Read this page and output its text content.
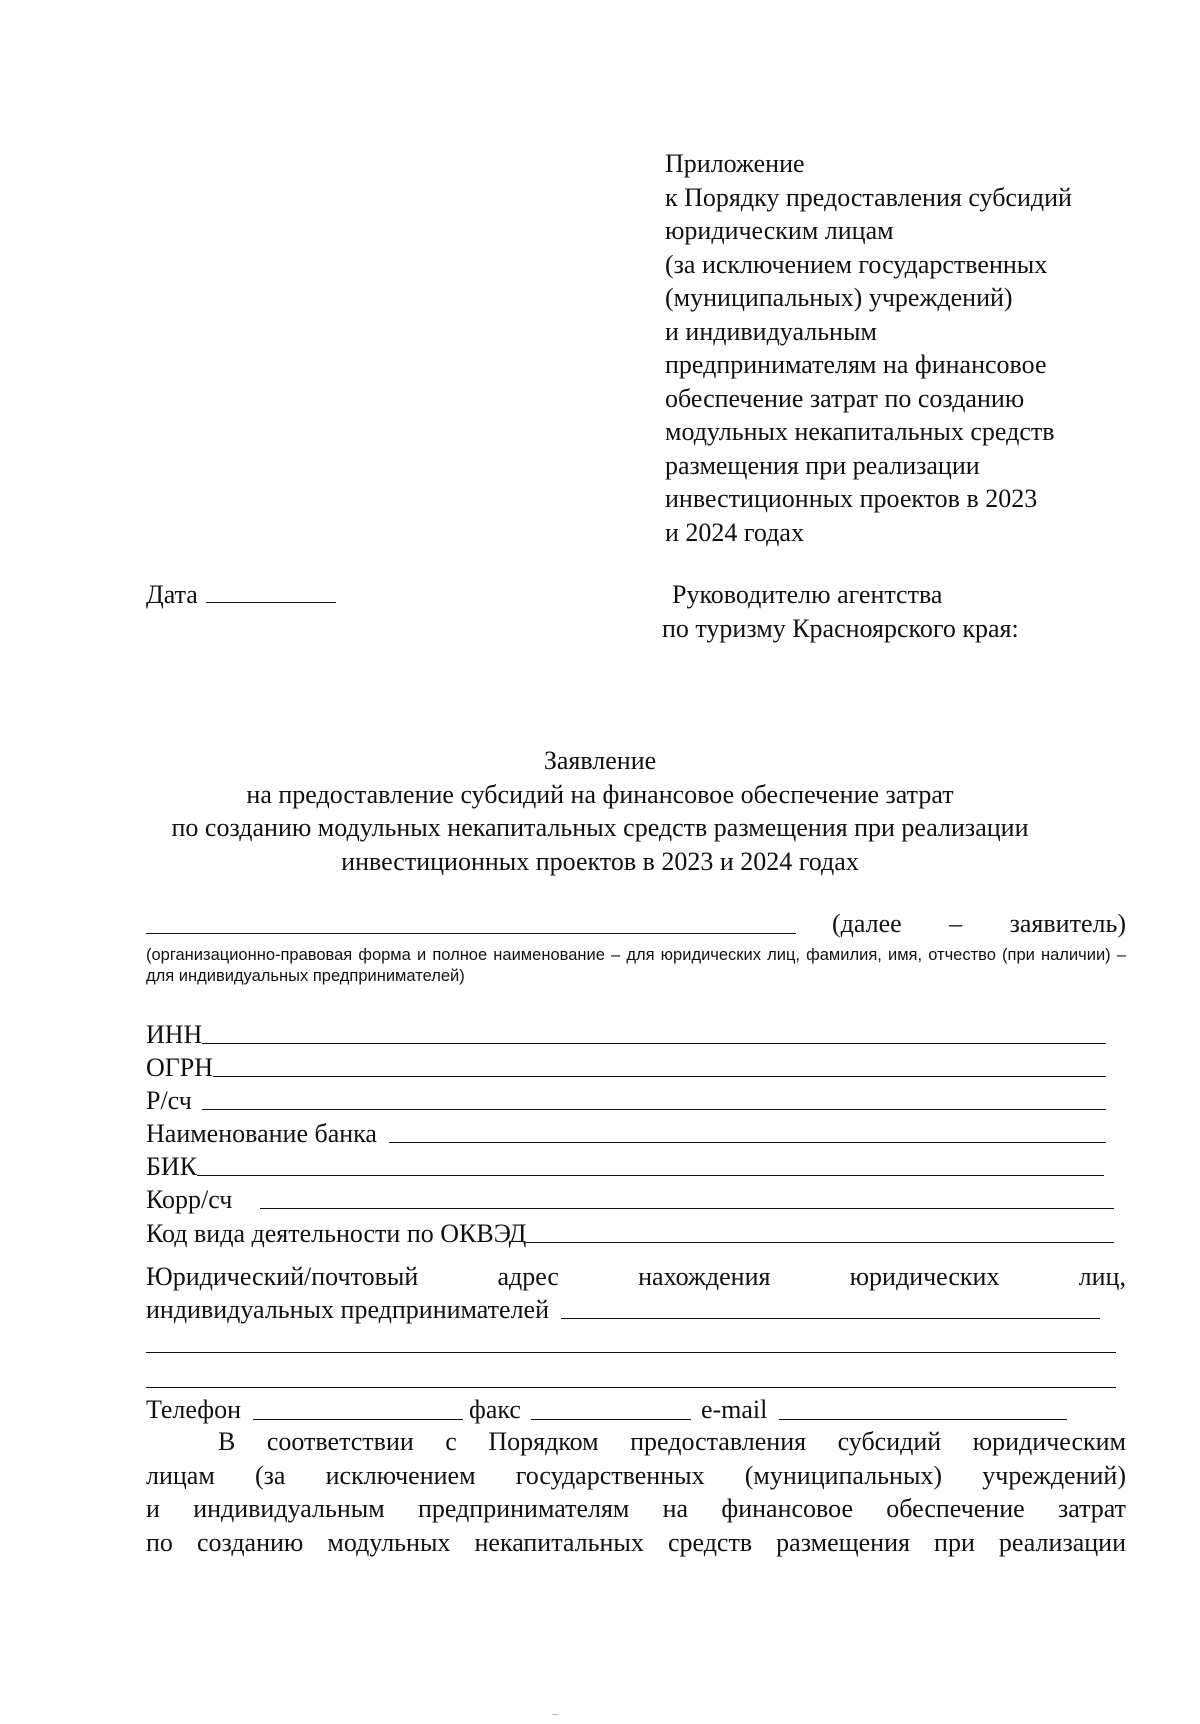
Приложение
к Порядку предоставления субсидий
юридическим лицам
(за исключением государственных
(муниципальных) учреждений)
и индивидуальным
предпринимателям на финансовое
обеспечение затрат по созданию
модульных некапитальных средств
размещения при реализации
инвестиционных проектов в 2023
и 2024 годах
Дата	Руководителю агентства
по туризму Красноярского края:
Заявление
на предоставление субсидий на финансовое обеспечение затрат
по созданию модульных некапитальных средств размещения при реализации
инвестиционных проектов в 2023 и 2024 годах
(далее – заявитель)
(организационно-правовая форма и полное наименование – для юридических лиц, фамилия, имя, отчество (при наличии) – для индивидуальных предпринимателей)
ИНН
ОГРН
Р/сч
Наименование банка
БИК
Корр/сч
Код вида деятельности по ОКВЭД
Юридический/почтовый	адрес	нахождения	юридических	лиц,
индивидуальных предпринимателей
Телефон	факс	e-mail
В соответствии с Порядком предоставления субсидий юридическим
лицам (за исключением государственных (муниципальных) учреждений)
и индивидуальным предпринимателям на финансовое обеспечение затрат
по созданию модульных некапитальных средств размещения при реализации
